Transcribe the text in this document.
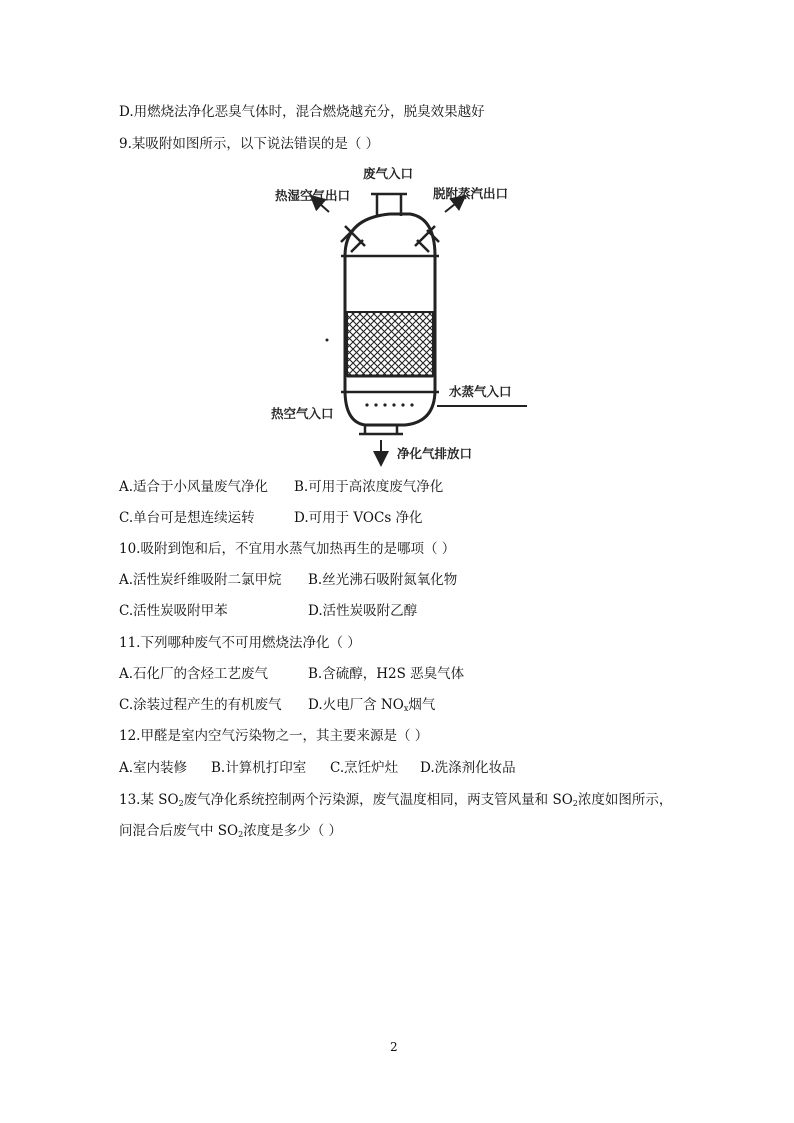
D.用燃烧法净化恶臭气体时，混合燃烧越充分，脱臭效果越好
9.某吸附如图所示，以下说法错误的是（ ）
废气入口
热湿空气出口	脱附蒸汽出口
水蒸气入口
热空气入口
净化气排放口
A.适合于小风量废气净化 B.可用于高浓度废气净化
C.单台可是想连续运转	D.可用于 VOCs 净化
10.吸附到饱和后，不宜用水蒸气加热再生的是哪项（ ）
A.活性炭纤维吸附二氯甲烷 B.丝光沸石吸附氮氧化物
C.活性炭吸附甲苯	D.活性炭吸附乙醇
11.下列哪种废气不可用燃烧法净化（ ）
A.石化厂的含烃工艺废气	B.含硫醇，H2S 恶臭气体
C.涂装过程产生的有机废气 D.火电厂含 $NO_x$烟气
12.甲醛是室内空气污染物之一，其主要来源是（ ）
A.室内装修 B.计算机打印室 C.烹饪炉灶 D.洗涤剂化妆品
13.某 $SO_2$废气净化系统控制两个污染源，废气温度相同，两支管风量和 $SO_2$浓度如图所示，
问混合后废气中 $SO_2$浓度是多少（ ）
2
